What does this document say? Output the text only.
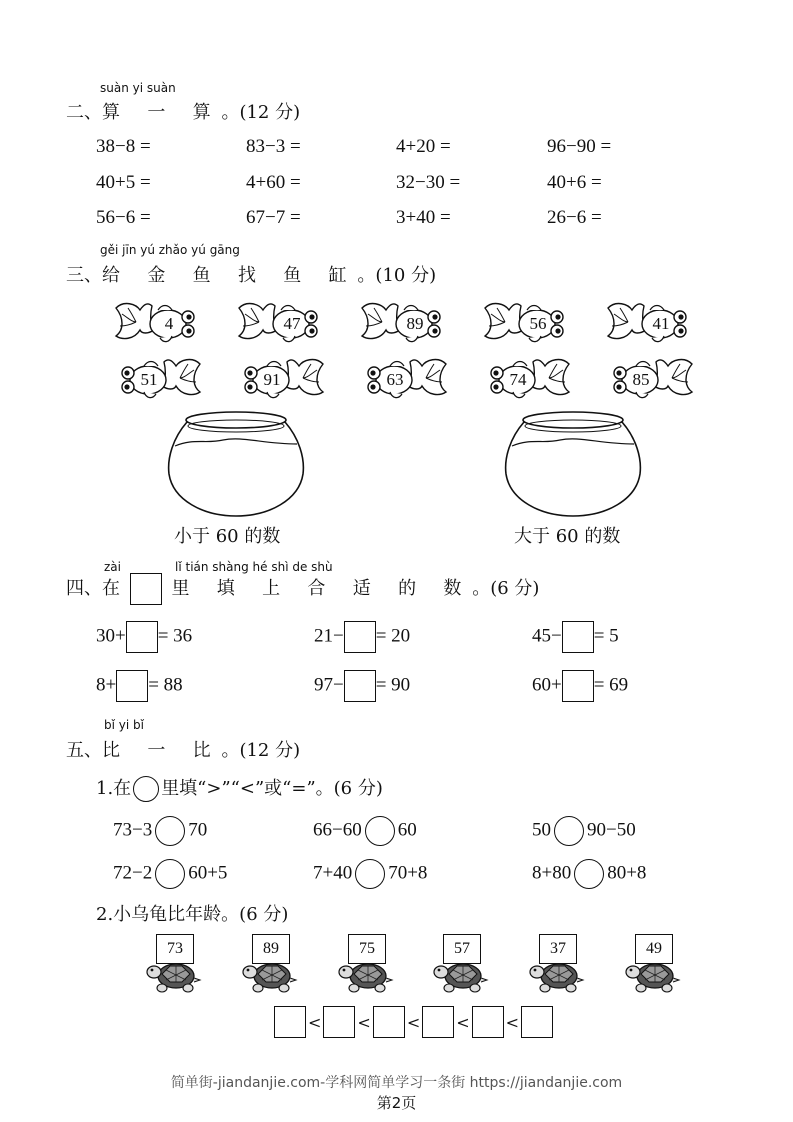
suàn yi suàn
二、算 一 算。(12 分)
38−8 =	83−3 =	4+20 =	96−90 =
40+5 =	4+60 =	32−30 =	40+6 =
56−6 =	67−7 =	3+40 =	26−6 =
gěi jīn yú zhǎo yú gāng
三、给 金 鱼 找 鱼 缸。(10 分)
4	47	89	56	41
51	91	63	74	85
小于 60 的数	大于 60 的数
zài	lǐ tián shàng hé shì de shù
四、在	里 填 上 合 适 的 数。(6 分)
30+ = 36	21− = 20	45− = 5
8+ = 88	97− = 90	60+ = 69
bǐ yi bǐ
五、比 一 比。(12 分)
1.在 里填“>”“<”或“=”。(6 分)
73−3 70	66−60 60	50 90−50
72−2 60+5	7+40 70+8	8+80 80+8
2.小乌龟比年龄。(6 分)
73	89	75	57	37	49
< < < < <
简单街-jiandanjie.com-学科网简单学习一条街 https://jiandanjie.com
第2页
